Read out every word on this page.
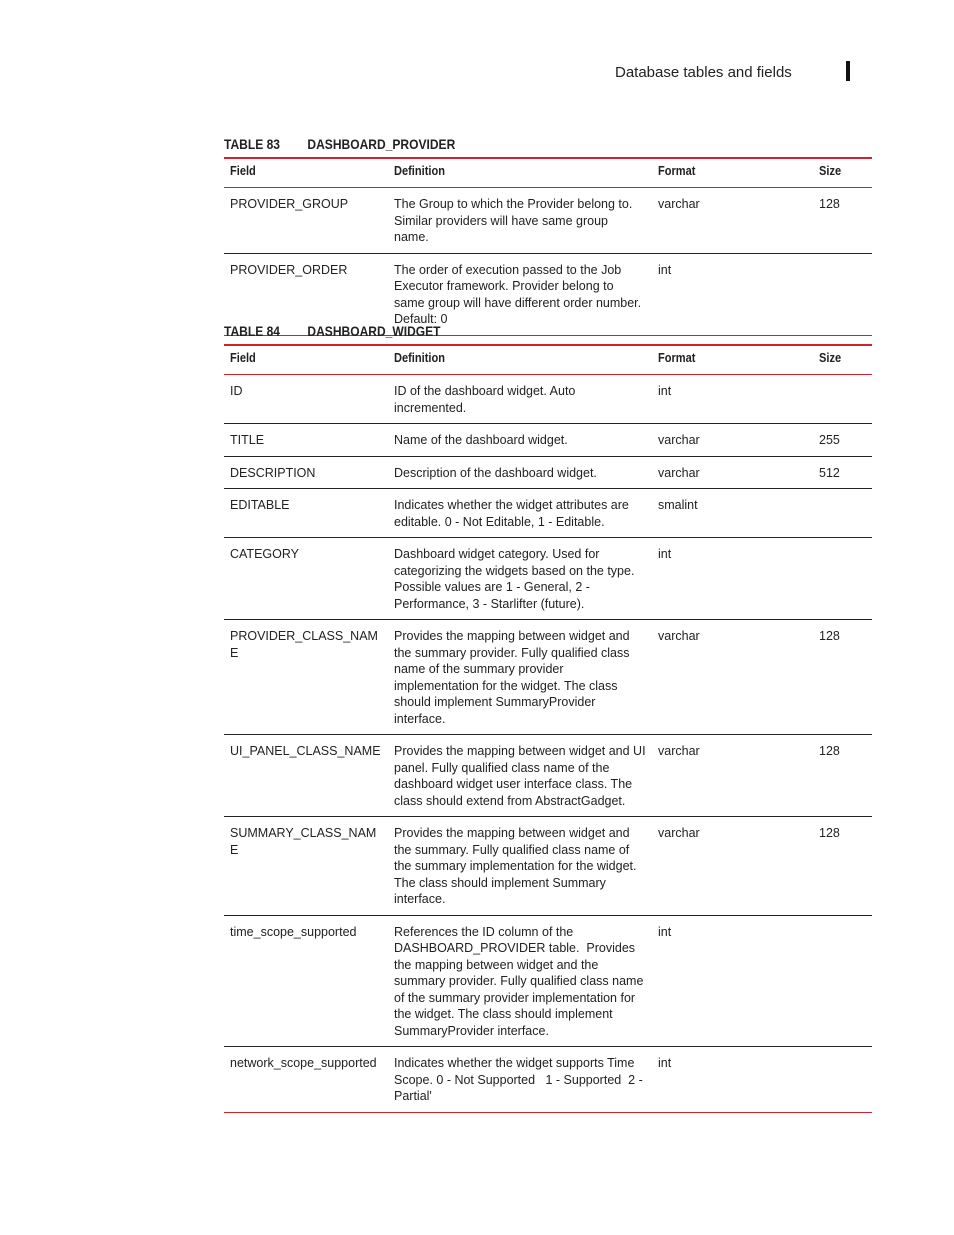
Database tables and fields
TABLE 83 DASHBOARD_PROVIDER
Field	Definition	Format	Size
PROVIDER_GROUP	The Group to which the Provider belong to. Similar providers will have same group name.	varchar	128
PROVIDER_ORDER	The order of execution passed to the Job Executor framework. Provider belong to same group will have different order number. Default: 0	int	
TABLE 84 DASHBOARD_WIDGET
Field	Definition	Format	Size
ID	ID of the dashboard widget. Auto incremented.	int	
TITLE	Name of the dashboard widget.	varchar	255
DESCRIPTION	Description of the dashboard widget.	varchar	512
EDITABLE	Indicates whether the widget attributes are editable. 0 - Not Editable, 1 - Editable.	smalint	
CATEGORY	Dashboard widget category. Used for categorizing the widgets based on the type. Possible values are 1 - General, 2 - Performance, 3 - Starlifter (future).	int	
PROVIDER_CLASS_NAME	Provides the mapping between widget and the summary provider. Fully qualified class name of the summary provider implementation for the widget. The class should implement SummaryProvider interface.	varchar	128
UI_PANEL_CLASS_NAME	Provides the mapping between widget and UI panel. Fully qualified class name of the dashboard widget user interface class. The class should extend from AbstractGadget.	varchar	128
SUMMARY_CLASS_NAME	Provides the mapping between widget and the summary. Fully qualified class name of the summary implementation for the widget. The class should implement Summary interface.	varchar	128
time_scope_supported	References the ID column of the DASHBOARD_PROVIDER table.  Provides the mapping between widget and the summary provider. Fully qualified class name of the summary provider implementation for the widget. The class should implement SummaryProvider interface.	int	
network_scope_supported	Indicates whether the widget supports Time Scope. 0 - Not Supported   1 - Supported  2 - Partial'	int	
